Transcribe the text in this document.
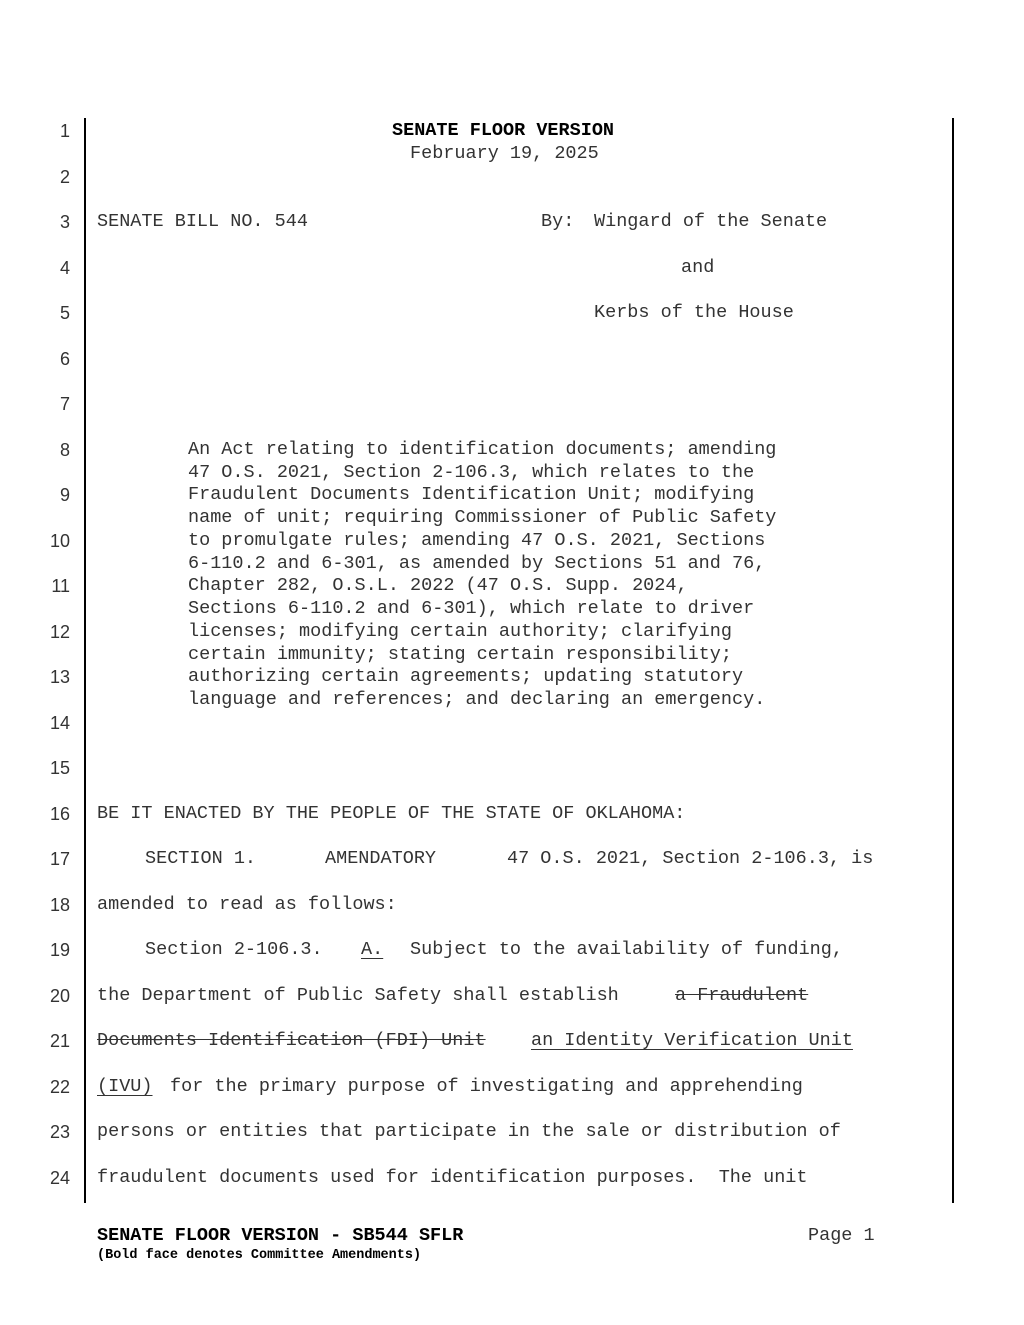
1
2
3
4
5
6
7
8
9
10
11
12
13
14
15
16
17
18
19
20
21
22
23
24
SENATE FLOOR VERSION
February 19, 2025
SENATE BILL NO. 544	By: Wingard of the Senate
and
Kerbs of the House
An Act relating to identification documents; amending
47 O.S. 2021, Section 2-106.3, which relates to the
Fraudulent Documents Identification Unit; modifying
name of unit; requiring Commissioner of Public Safety
to promulgate rules; amending 47 O.S. 2021, Sections
6-110.2 and 6-301, as amended by Sections 51 and 76,
Chapter 282, O.S.L. 2022 (47 O.S. Supp. 2024,
Sections 6-110.2 and 6-301), which relate to driver
licenses; modifying certain authority; clarifying
certain immunity; stating certain responsibility;
authorizing certain agreements; updating statutory
language and references; and declaring an emergency.
BE IT ENACTED BY THE PEOPLE OF THE STATE OF OKLAHOMA:
SECTION 1.	AMENDATORY	47 O.S. 2021, Section 2-106.3, is
amended to read as follows:
Section 2-106.3. A. Subject to the availability of funding,
the Department of Public Safety shall establish	a Fraudulent
Documents Identification (FDI) Unit an Identity Verification Unit
(IVU) for the primary purpose of investigating and apprehending
persons or entities that participate in the sale or distribution of
fraudulent documents used for identification purposes.  The unit
SENATE FLOOR VERSION - SB544 SFLR	Page 1
(Bold face denotes Committee Amendments)
